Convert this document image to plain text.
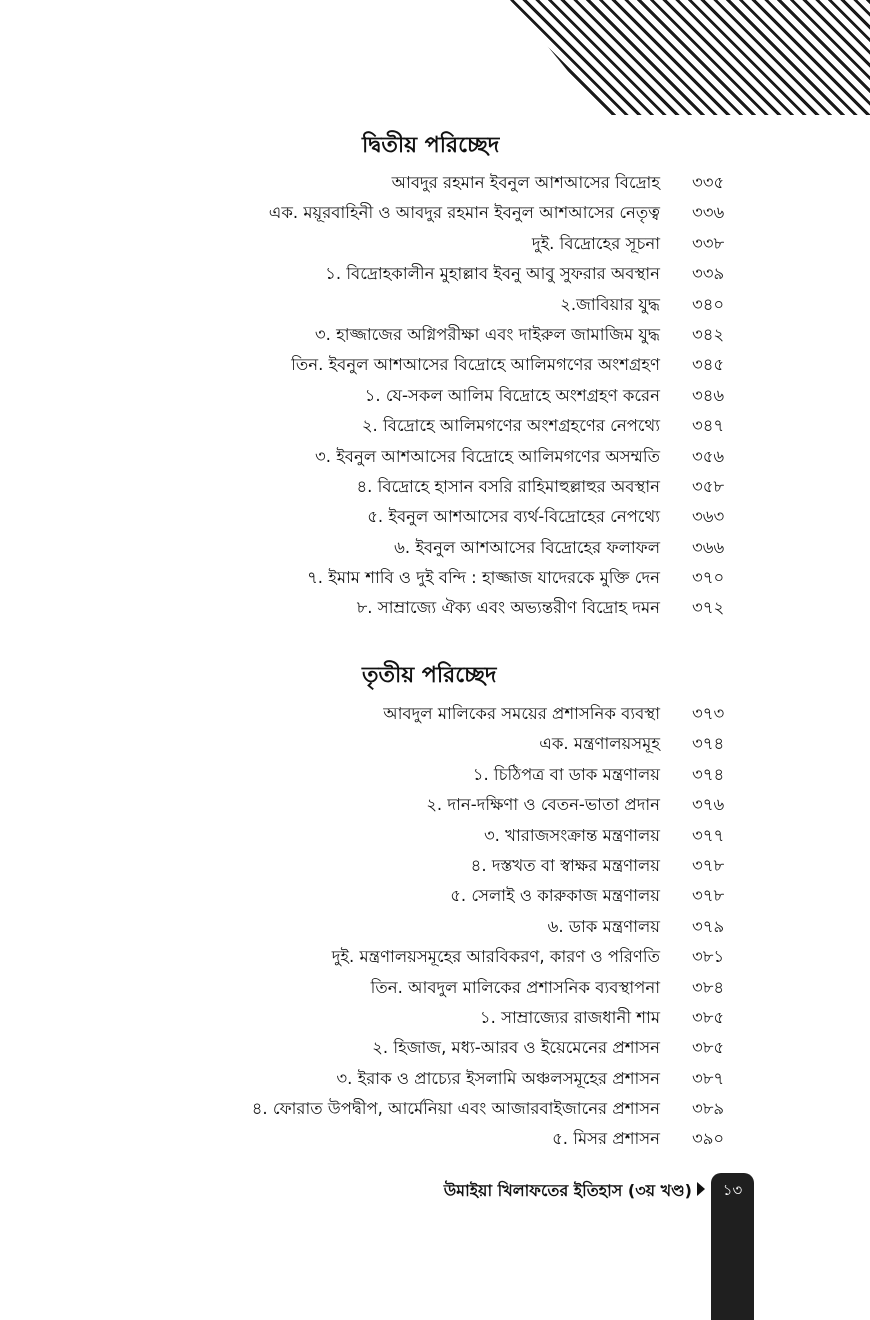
দ্বিতীয় পরিচ্ছেদ
আবদুর রহমান ইবনুল আশআসের বিদ্রোহ ৩৩৫
এক. ময়ূরবাহিনী ও আবদুর রহমান ইবনুল আশআসের নেতৃত্ব ৩৩৬
দুই. বিদ্রোহের সূচনা ৩৩৮
১. বিদ্রোহকালীন মুহাল্লাব ইবনু আবু সুফরার অবস্থান ৩৩৯
২.জাবিয়ার যুদ্ধ ৩৪০
৩. হাজ্জাজের অগ্নিপরীক্ষা এবং দাইরুল জামাজিম যুদ্ধ ৩৪২
তিন. ইবনুল আশআসের বিদ্রোহে আলিমগণের অংশগ্রহণ ৩৪৫
১. যে-সকল আলিম বিদ্রোহে অংশগ্রহণ করেন ৩৪৬
২. বিদ্রোহে আলিমগণের অংশগ্রহণের নেপথ্যে ৩৪৭
৩. ইবনুল আশআসের বিদ্রোহে আলিমগণের অসম্মতি ৩৫৬
৪. বিদ্রোহে হাসান বসরি রাহিমাহুল্লাহুর অবস্থান ৩৫৮
৫. ইবনুল আশআসের ব্যর্থ-বিদ্রোহের নেপথ্যে ৩৬৩
৬. ইবনুল আশআসের বিদ্রোহের ফলাফল ৩৬৬
৭. ইমাম শাবি ও দুই বন্দি : হাজ্জাজ যাদেরকে মুক্তি দেন ৩৭০
৮. সাম্রাজ্যে ঐক্য এবং অভ্যন্তরীণ বিদ্রোহ দমন ৩৭২
তৃতীয় পরিচ্ছেদ
আবদুল মালিকের সময়ের প্রশাসনিক ব্যবস্থা ৩৭৩
এক. মন্ত্রণালয়সমূহ ৩৭৪
১. চিঠিপত্র বা ডাক মন্ত্রণালয় ৩৭৪
২. দান-দক্ষিণা ও বেতন-ভাতা প্রদান ৩৭৬
৩. খারাজসংক্রান্ত মন্ত্রণালয় ৩৭৭
৪. দস্তখত বা স্বাক্ষর মন্ত্রণালয় ৩৭৮
৫. সেলাই ও কারুকাজ মন্ত্রণালয় ৩৭৮
৬. ডাক মন্ত্রণালয় ৩৭৯
দুই. মন্ত্রণালয়সমূহের আরবিকরণ, কারণ ও পরিণতি ৩৮১
তিন. আবদুল মালিকের প্রশাসনিক ব্যবস্থাপনা ৩৮৪
১. সাম্রাজ্যের রাজধানী শাম ৩৮৫
২. হিজাজ, মধ্য-আরব ও ইয়েমেনের প্রশাসন ৩৮৫
৩. ইরাক ও প্রাচ্যের ইসলামি অঞ্চলসমূহের প্রশাসন ৩৮৭
৪. ফোরাত উপদ্বীপ, আর্মেনিয়া এবং আজারবাইজানের প্রশাসন ৩৮৯
৫. মিসর প্রশাসন ৩৯০
উমাইয়া খিলাফতের ইতিহাস (৩য় খণ্ড)	১৩
